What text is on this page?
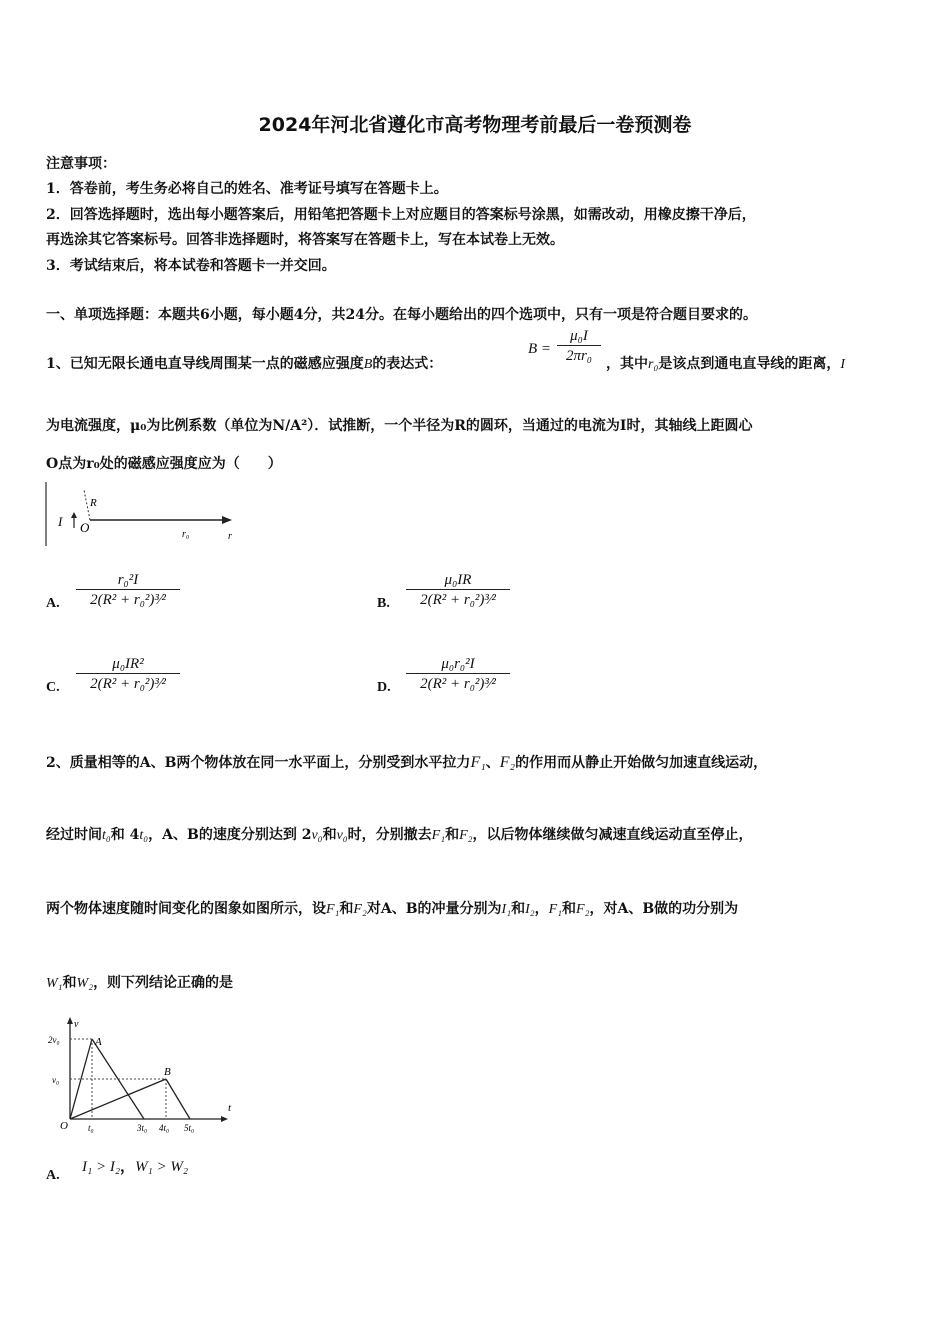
2024年河北省遵化市高考物理考前最后一卷预测卷
注意事项：
1．答卷前，考生务必将自己的姓名、准考证号填写在答题卡上。
2．回答选择题时，选出每小题答案后，用铅笔把答题卡上对应题目的答案标号涂黑，如需改动，用橡皮擦干净后，
再选涂其它答案标号。回答非选择题时，将答案写在答题卡上，写在本试卷上无效。
3．考试结束后，将本试卷和答题卡一并交回。
一、单项选择题：本题共6小题，每小题4分，共24分。在每小题给出的四个选项中，只有一项是符合题目要求的。
1、已知无限长通电直导线周围某一点的磁感应强度B的表达式：
$B = \frac{\text{μ₀I}}{\text{2πr₀}}$ ，其中r₀是该点到通电直导线的距离，I
为电流强度，μ₀为比例系数（单位为N/A²）．试推断，一个半径为R的圆环，当通过的电流为I时，其轴线上距圆心
O点为r₀处的磁感应强度应为（　　）
I O
R
r₀	r
A. $\frac{\text{r₀²I}}{\text{2(R² + r₀²)³⁄²}}$	B. $\frac{\text{μ₀IR}}{\text{2(R² + r₀²)³⁄²}}$
C. $\frac{\text{μ₀IR²}}{\text{2(R² + r₀²)³⁄²}}$	D. $\frac{\text{μ₀r₀²I}}{\text{2(R² + r₀²)³⁄²}}$
2、质量相等的A、B两个物体放在同一水平面上，分别受到水平拉力F₁、F₂的作用而从静止开始做匀加速直线运动，
经过时间t₀和 4t₀，A、B的速度分别达到 2v₀和v₀时，分别撤去F₁和F₂，以后物体继续做匀减速直线运动直至停止，
两个物体速度随时间变化的图象如图所示，设F₁和F₂对A、B的冲量分别为I₁和I₂，F₁和F₂，对A、B做的功分别为
W₁和W₂，则下列结论正确的是
v
t
O
2v₀
v₀
A
B
t₀	3t₀ 4t₀ 5t₀
A.
I₁ > I₂，W₁ > W₂
